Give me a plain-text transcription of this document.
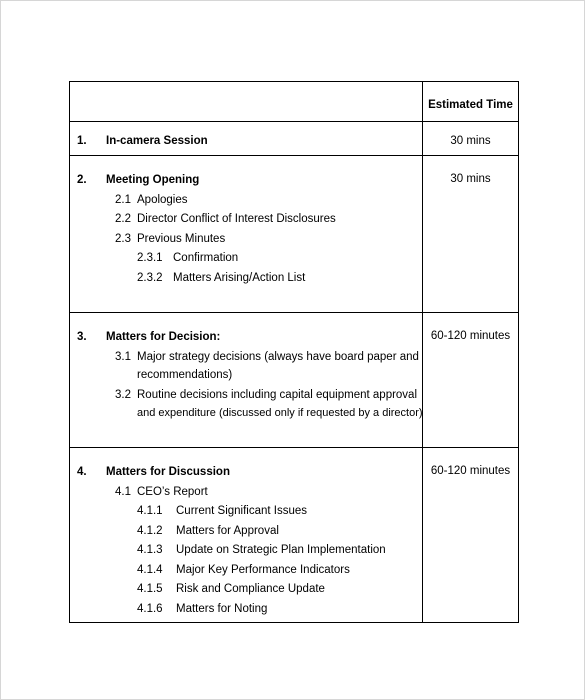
Estimated Time
1. In-camera Session	30 mins
2. Meeting Opening	30 mins
2.1 Apologies
2.2 Director Conflict of Interest Disclosures
2.3 Previous Minutes
2.3.1 Confirmation
2.3.2 Matters Arising/Action List
3. Matters for Decision:	60-120 minutes
3.1 Major strategy decisions (always have board paper and
recommendations)
3.2 Routine decisions including capital equipment approval
and expenditure (discussed only if requested by a director)
4. Matters for Discussion	60-120 minutes
4.1 CEO’s Report
4.1.1 Current Significant Issues
4.1.2 Matters for Approval
4.1.3 Update on Strategic Plan Implementation
4.1.4 Major Key Performance Indicators
4.1.5 Risk and Compliance Update
4.1.6 Matters for Noting
